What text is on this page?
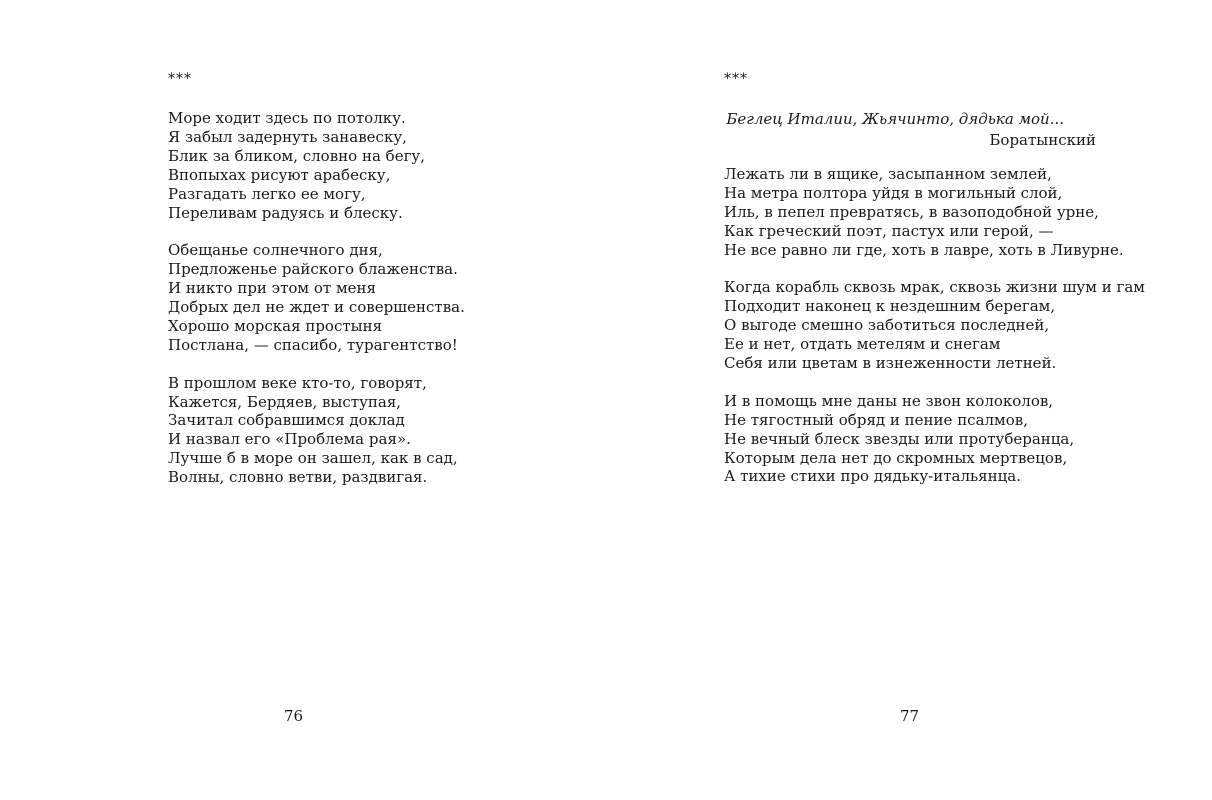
***
Море ходит здесь по потолку.
Я забыл задернуть занавеску,
Блик за бликом, словно на бегу,
Впопыхах рисуют арабеску,
Разгадать легко ее могу,
Переливам радуясь и блеску.
Обещанье солнечного дня,
Предложенье райского блаженства.
И никто при этом от меня
Добрых дел не ждет и совершенства.
Хорошо морская простыня
Постлана, — спасибо, турагентство!
В прошлом веке кто-то, говорят,
Кажется, Бердяев, выступая,
Зачитал собравшимся доклад
И назвал его «Проблема рая».
Лучше б в море он зашел, как в сад,
Волны, словно ветви, раздвигая.
76
***
Беглец Италии, Жьячинто, дядька мой...
Боратынский
Лежать ли в ящике, засыпанном землей,
На метра полтора уйдя в могильный слой,
Иль, в пепел превратясь, в вазоподобной урне,
Как греческий поэт, пастух или герой, —
Не все равно ли где, хоть в лавре, хоть в Ливурне.
Когда корабль сквозь мрак, сквозь жизни шум и гам
Подходит наконец к нездешним берегам,
О выгоде смешно заботиться последней,
Ее и нет, отдать метелям и снегам
Себя или цветам в изнеженности летней.
И в помощь мне даны не звон колоколов,
Не тягостный обряд и пение псалмов,
Не вечный блеск звезды или протуберанца,
Которым дела нет до скромных мертвецов,
А тихие стихи про дядьку-итальянца.
77
